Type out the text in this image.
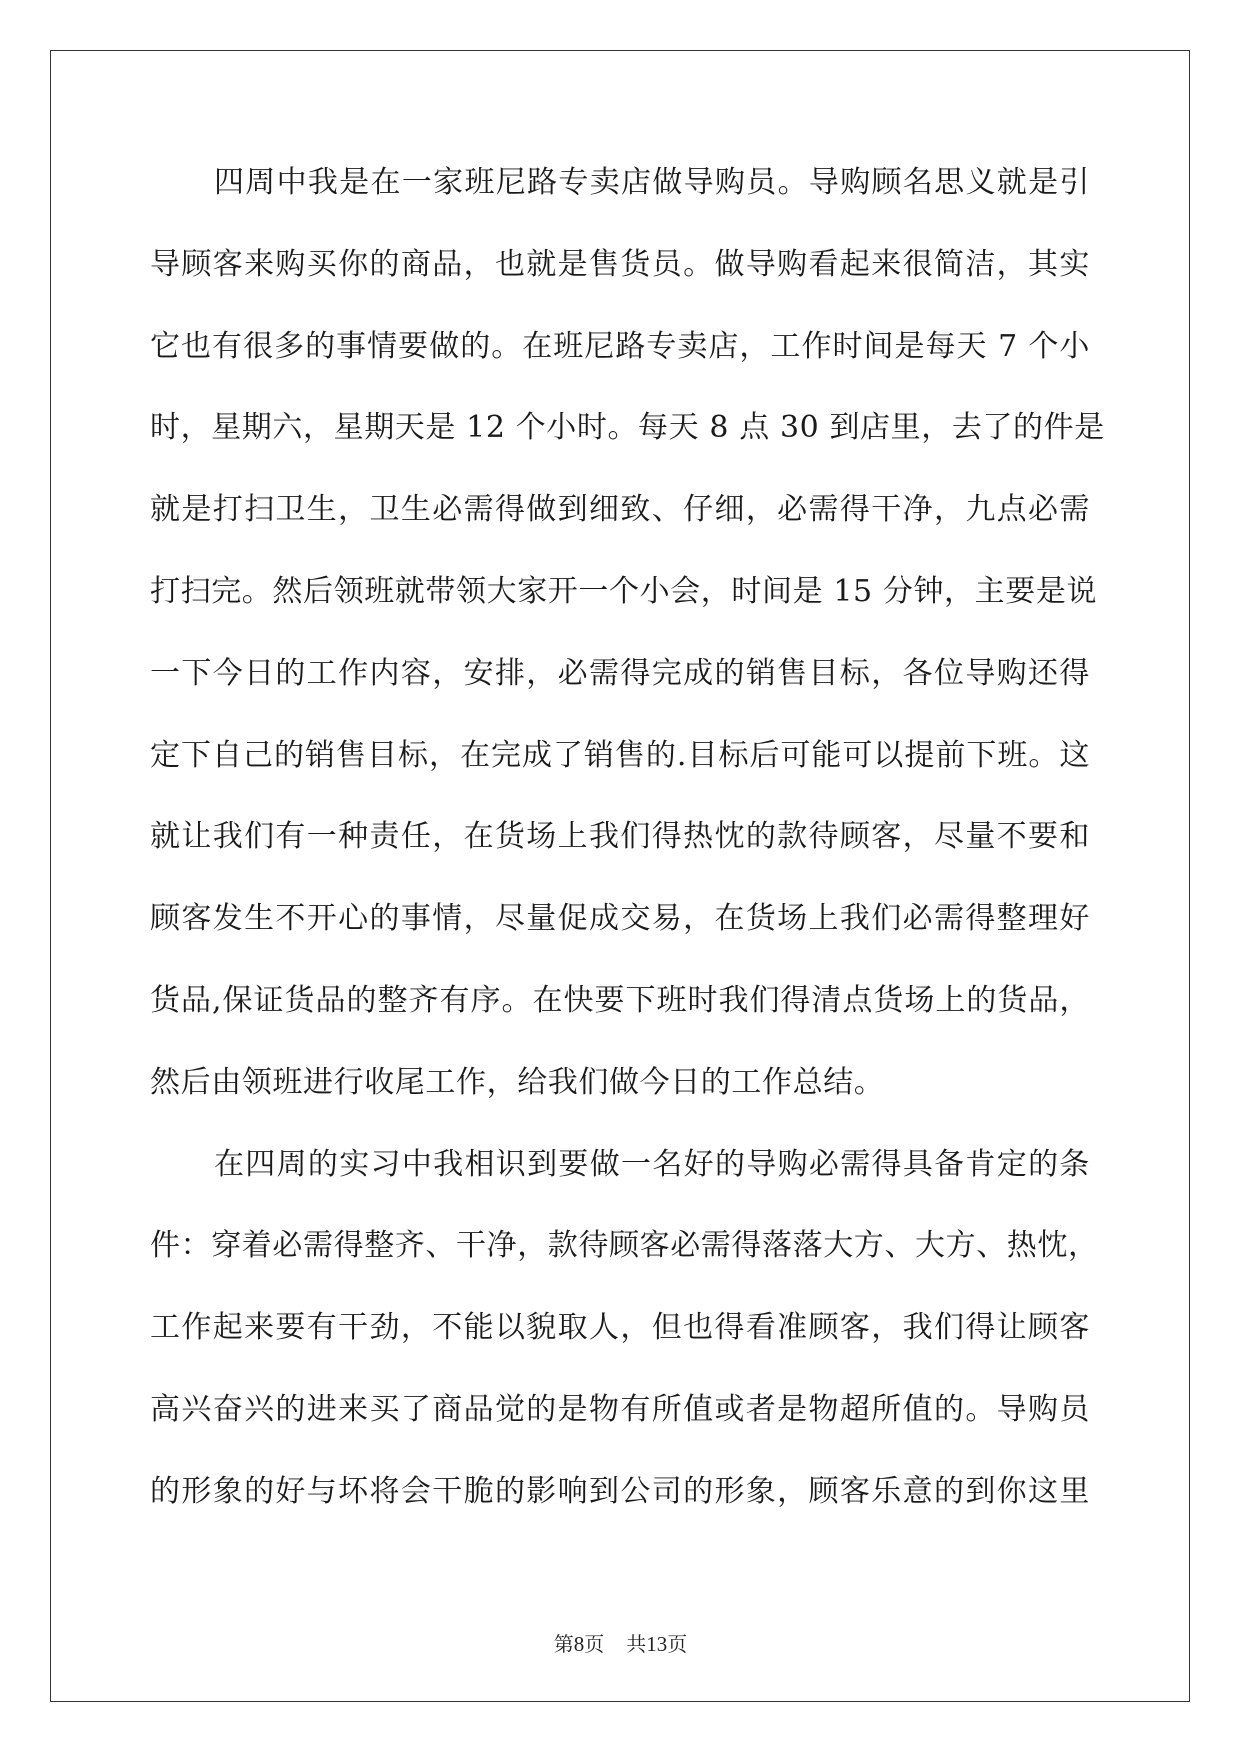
四周中我是在一家班尼路专卖店做导购员。导购顾名思义就是引
导顾客来购买你的商品，也就是售货员。做导购看起来很简洁，其实
它也有很多的事情要做的。在班尼路专卖店，工作时间是每天 7 个小
时，星期六，星期天是 12 个小时。每天 8 点 30 到店里，去了的件是
就是打扫卫生，卫生必需得做到细致、仔细，必需得干净，九点必需
打扫完。然后领班就带领大家开一个小会，时间是 15 分钟，主要是说
一下今日的工作内容，安排，必需得完成的销售目标，各位导购还得
定下自己的销售目标，在完成了销售的.目标后可能可以提前下班。这
就让我们有一种责任，在货场上我们得热忱的款待顾客，尽量不要和
顾客发生不开心的事情，尽量促成交易，在货场上我们必需得整理好
货品,保证货品的整齐有序。在快要下班时我们得清点货场上的货品，
然后由领班进行收尾工作，给我们做今日的工作总结。
在四周的实习中我相识到要做一名好的导购必需得具备肯定的条
件：穿着必需得整齐、干净，款待顾客必需得落落大方、大方、热忱，
工作起来要有干劲，不能以貌取人，但也得看准顾客，我们得让顾客
高兴奋兴的进来买了商品觉的是物有所值或者是物超所值的。导购员
的形象的好与坏将会干脆的影响到公司的形象，顾客乐意的到你这里
第8页 共13页
